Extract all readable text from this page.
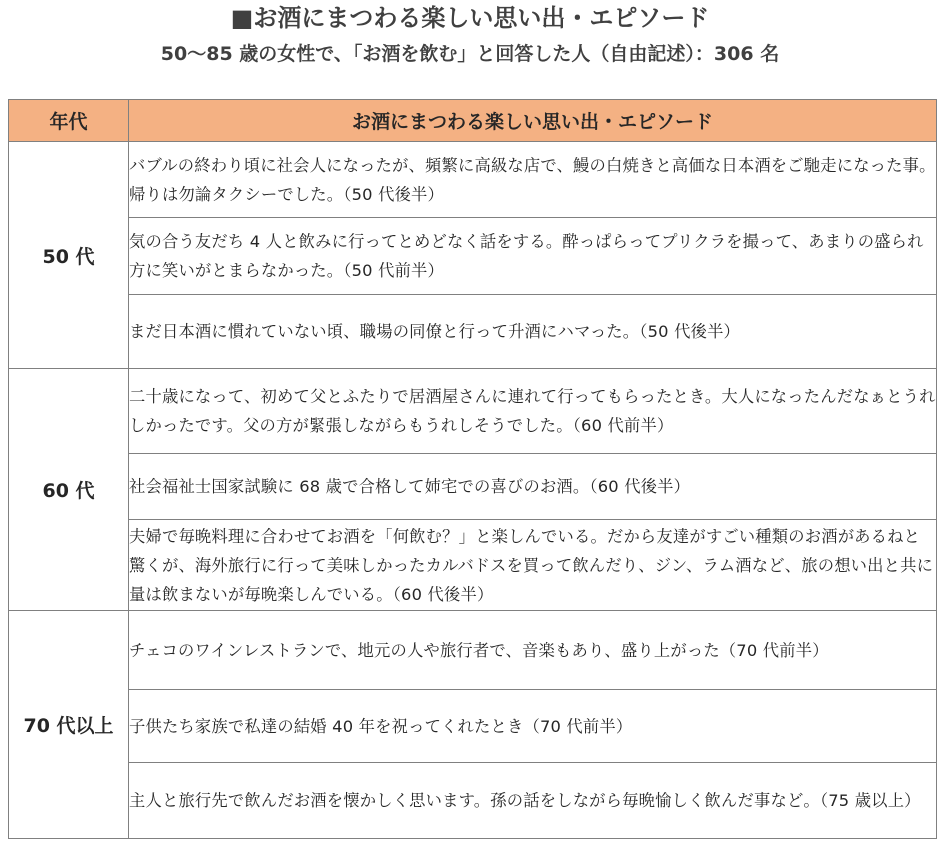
■お酒にまつわる楽しい思い出・エピソード
50～85 歳の女性で、「お酒を飲む」と回答した人（自由記述）：306 名
年代	お酒にまつわる楽しい思い出・エピソード
50 代	バブルの終わり頃に社会人になったが、頻繁に高級な店で、鰻の白焼きと高価な日本酒をご馳走になった事。帰りは勿論タクシーでした。（50 代後半）
	気の合う友だち 4 人と飲みに行ってとめどなく話をする。酔っぱらってプリクラを撮って、あまりの盛られ方に笑いがとまらなかった。（50 代前半）
	まだ日本酒に慣れていない頃、職場の同僚と行って升酒にハマった。（50 代後半）
60 代	二十歳になって、初めて父とふたりで居酒屋さんに連れて行ってもらったとき。大人になったんだなぁとうれしかったです。父の方が緊張しながらもうれしそうでした。（60 代前半）
	社会福祉士国家試験に 68 歳で合格して姉宅での喜びのお酒。（60 代後半）
	夫婦で毎晩料理に合わせてお酒を「何飲む？」と楽しんでいる。だから友達がすごい種類のお酒があるねと驚くが、海外旅行に行って美味しかったカルバドスを買って飲んだり、ジン、ラム酒など、旅の想い出と共に量は飲まないが毎晩楽しんでいる。（60 代後半）
70 代以上	チェコのワインレストランで、地元の人や旅行者で、音楽もあり、盛り上がった（70 代前半）
	子供たち家族で私達の結婚 40 年を祝ってくれたとき（70 代前半）
	主人と旅行先で飲んだお酒を懐かしく思います。孫の話をしながら毎晩愉しく飲んだ事など。（75 歳以上）
